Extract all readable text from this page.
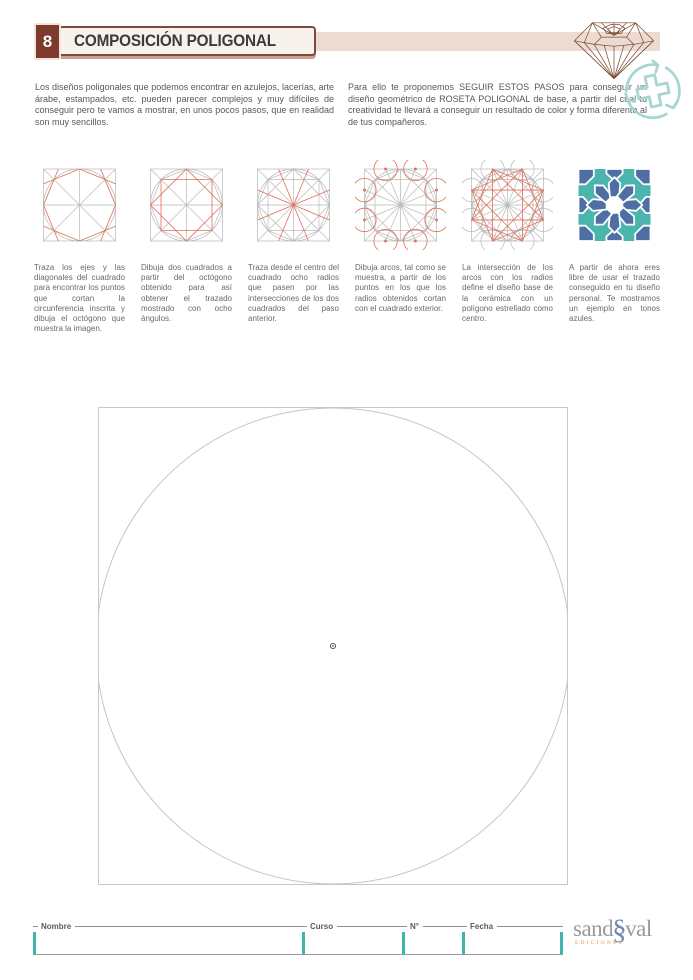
COMPOSICIÓN POLIGONAL
8

Los diseños poligonales que podemos encontrar en azulejos, lacerías, arte árabe, estampados, etc. pueden parecer complejos y muy difíciles de conseguir pero te vamos a mostrar, en unos pocos pasos, que en realidad son muy sencillos.

Para ello te proponemos SEGUIR ESTOS PASOS para conseguir un diseño geométrico de ROSETA POLIGONAL de base, a partir del cual tu creatividad te llevará a conseguir un resultado de color y forma diferente al de tus compañeros.

Traza los ejes y las diagonales del cuadrado para encontrar los puntos que cortan la circunferencia inscrita y dibuja el octógono que muestra la imagen.
Dibuja dos cuadrados a partir del octógono obtenido para así obtener el trazado mostrado con ocho ángulos.
Traza desde el centro del cuadrado ocho radios que pasen por las intersecciones de los dos cuadrados del paso anterior.
Dibuja arcos, tal como se muestra, a partir de los puntos en los que los radios obtenidos cortan con el cuadrado exterior.
La intersección de los arcos con los radios define el diseño base de la cerámica con un polígono estrellado como centro.
A partir de ahora eres libre de usar el trazado conseguido en tu diseño personal. Te mostramos un ejemplo en tonos azules.
Nombre	Curso	N°	Fecha	sand§val
EDICIONES
